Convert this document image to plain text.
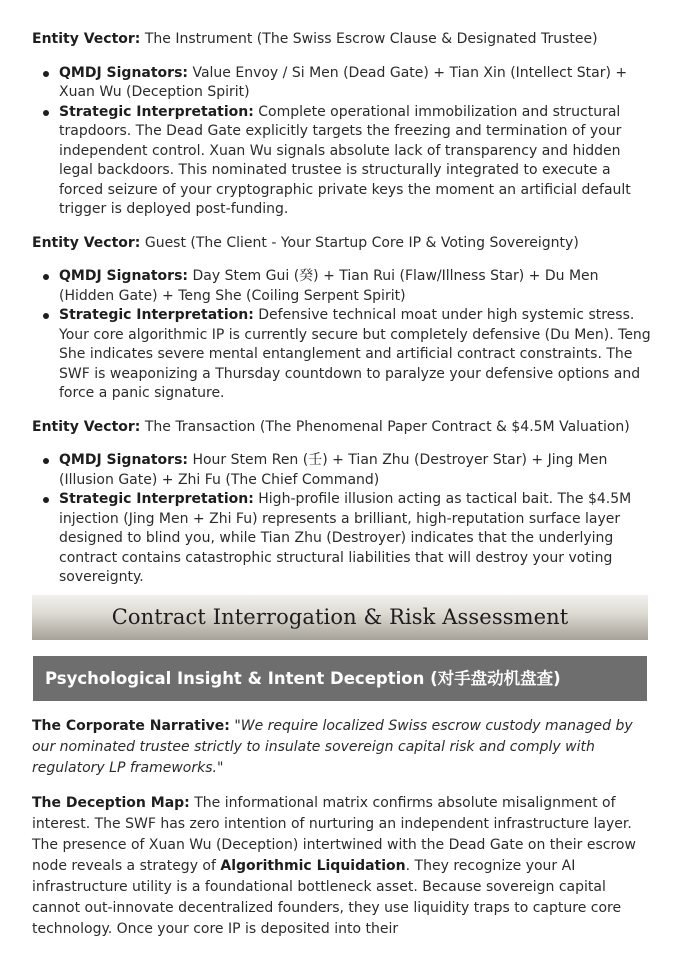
Entity Vector: The Instrument (The Swiss Escrow Clause & Designated Trustee)
QMDJ Signators: Value Envoy / Si Men (Dead Gate) + Tian Xin (Intellect Star) + Xuan Wu (Deception Spirit)
Strategic Interpretation: Complete operational immobilization and structural trapdoors. The Dead Gate explicitly targets the freezing and termination of your independent control. Xuan Wu signals absolute lack of transparency and hidden legal backdoors. This nominated trustee is structurally integrated to execute a forced seizure of your cryptographic private keys the moment an artificial default trigger is deployed post-funding.
Entity Vector: Guest (The Client - Your Startup Core IP & Voting Sovereignty)
QMDJ Signators: Day Stem Gui (癸) + Tian Rui (Flaw/Illness Star) + Du Men (Hidden Gate) + Teng She (Coiling Serpent Spirit)
Strategic Interpretation: Defensive technical moat under high systemic stress. Your core algorithmic IP is currently secure but completely defensive (Du Men). Teng She indicates severe mental entanglement and artificial contract constraints. The SWF is weaponizing a Thursday countdown to paralyze your defensive options and force a panic signature.
Entity Vector: The Transaction (The Phenomenal Paper Contract & $4.5M Valuation)
QMDJ Signators: Hour Stem Ren (壬) + Tian Zhu (Destroyer Star) + Jing Men (Illusion Gate) + Zhi Fu (The Chief Command)
Strategic Interpretation: High-profile illusion acting as tactical bait. The $4.5M injection (Jing Men + Zhi Fu) represents a brilliant, high-reputation surface layer designed to blind you, while Tian Zhu (Destroyer) indicates that the underlying contract contains catastrophic structural liabilities that will destroy your voting sovereignty.
Contract Interrogation & Risk Assessment
Psychological Insight & Intent Deception (对手盘动机盘查)

The Corporate Narrative: "We require localized Swiss escrow custody managed by our nominated trustee strictly to insulate sovereign capital risk and comply with regulatory LP frameworks."

The Deception Map: The informational matrix confirms absolute misalignment of interest. The SWF has zero intention of nurturing an independent infrastructure layer. The presence of Xuan Wu (Deception) intertwined with the Dead Gate on their escrow node reveals a strategy of Algorithmic Liquidation. They recognize your AI infrastructure utility is a foundational bottleneck asset. Because sovereign capital cannot out-innovate decentralized founders, they use liquidity traps to capture core technology. Once your core IP is deposited into their
